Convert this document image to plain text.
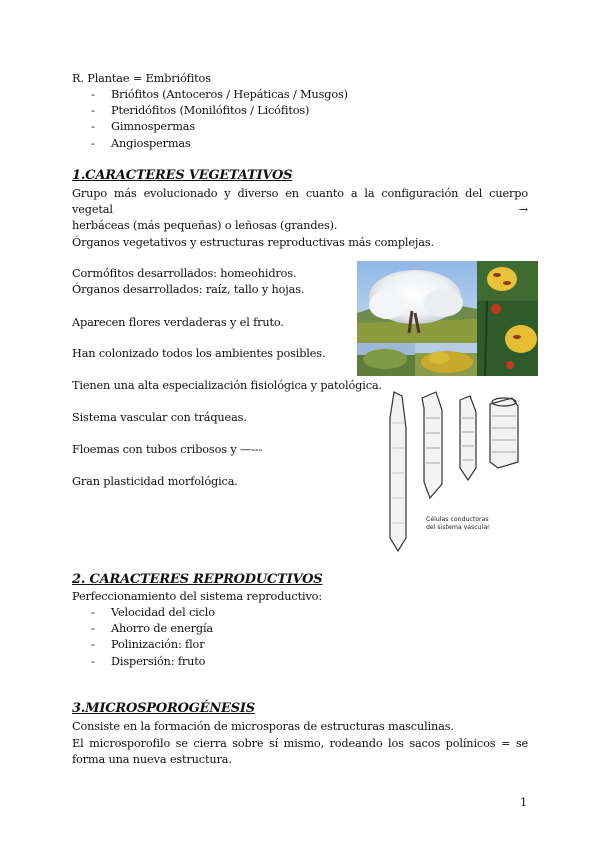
R. Plantae = Embriófitos
- Briófitos (Antoceros / Hepáticas / Musgos)
- Pteridófitos (Monilófitos / Licófitos)
- Gimnospermas
- Angiospermas
1.CARACTERES VEGETATIVOS
Grupo más evolucionado y diverso en cuanto a la configuración del cuerpo vegetal →
herbáceas (más pequeñas) o leñosas (grandes).
Órganos vegetativos y estructuras reproductivas más complejas.
Cormófitos desarrollados: homeohidros.
Órganos desarrollados: raíz, tallo y hojas.
Aparecen flores verdaderas y el fruto.
Han colonizado todos los ambientes posibles.
Tienen una alta especialización fisiológica y patológica.
Sistema vascular con tráqueas.
Floemas con tubos cribosos y —---
Gran plasticidad morfológica.
Células conductoras
del sistema vascular
2. CARACTERES REPRODUCTIVOS
Perfeccionamiento del sistema reproductivo:
- Velocidad del ciclo
- Ahorro de energía
- Polinización: flor
- Dispersión: fruto
3.MICROSPOROGÉNESIS
Consiste en la formación de microsporas de estructuras masculinas.
El microsporofilo se cierra sobre sí mismo, rodeando los sacos polínicos = se forma una nueva estructura.
1
